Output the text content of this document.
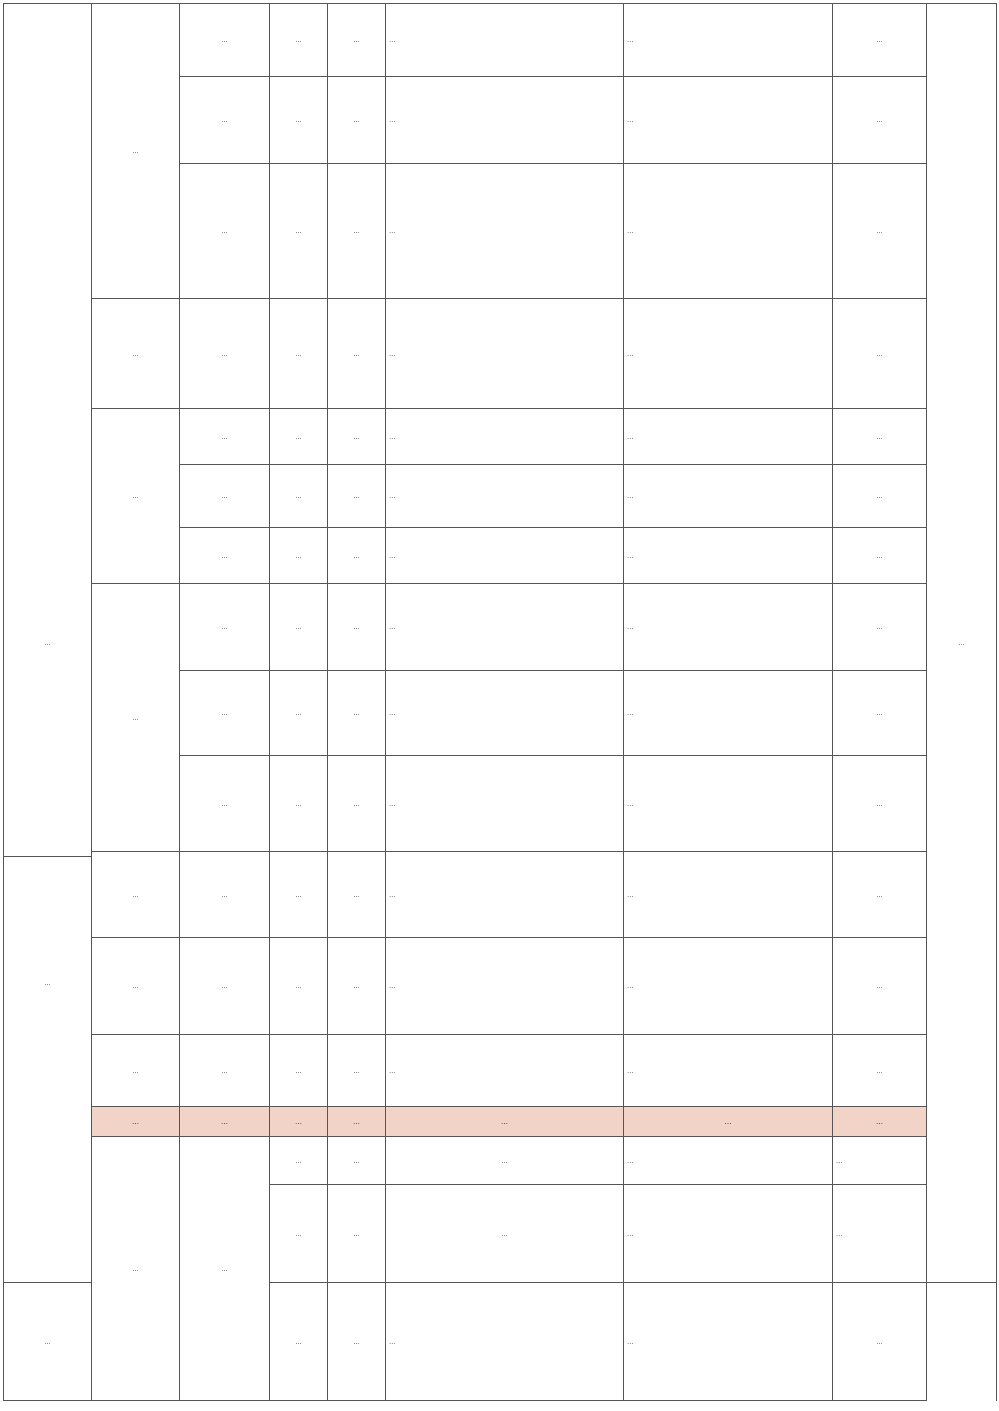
…	…	…	…	…	…	…	…	…	
		…	…	…	…	…	…		
		…	…	…	…	…	…		
	…	…	…	…	…	…	…		
	…	…	…	…	…	…	…		
		…	…	…	…	…	…		
		…	…	…	…	…	…		
	…	…	…	…	…	…	…		
		…	…	…	…	…	…		
		…	…	…	…	…	…		
	…	…	…	…	…	…	…		
	…	…	…	…	…	…	…		
	…	…	…	…	…	…	…		
	…	…	…	…	…	…	…		
	…	…	…	…	…	…	…		
			…	…	…	…	…	
…			…	…	…	…	…		
…
